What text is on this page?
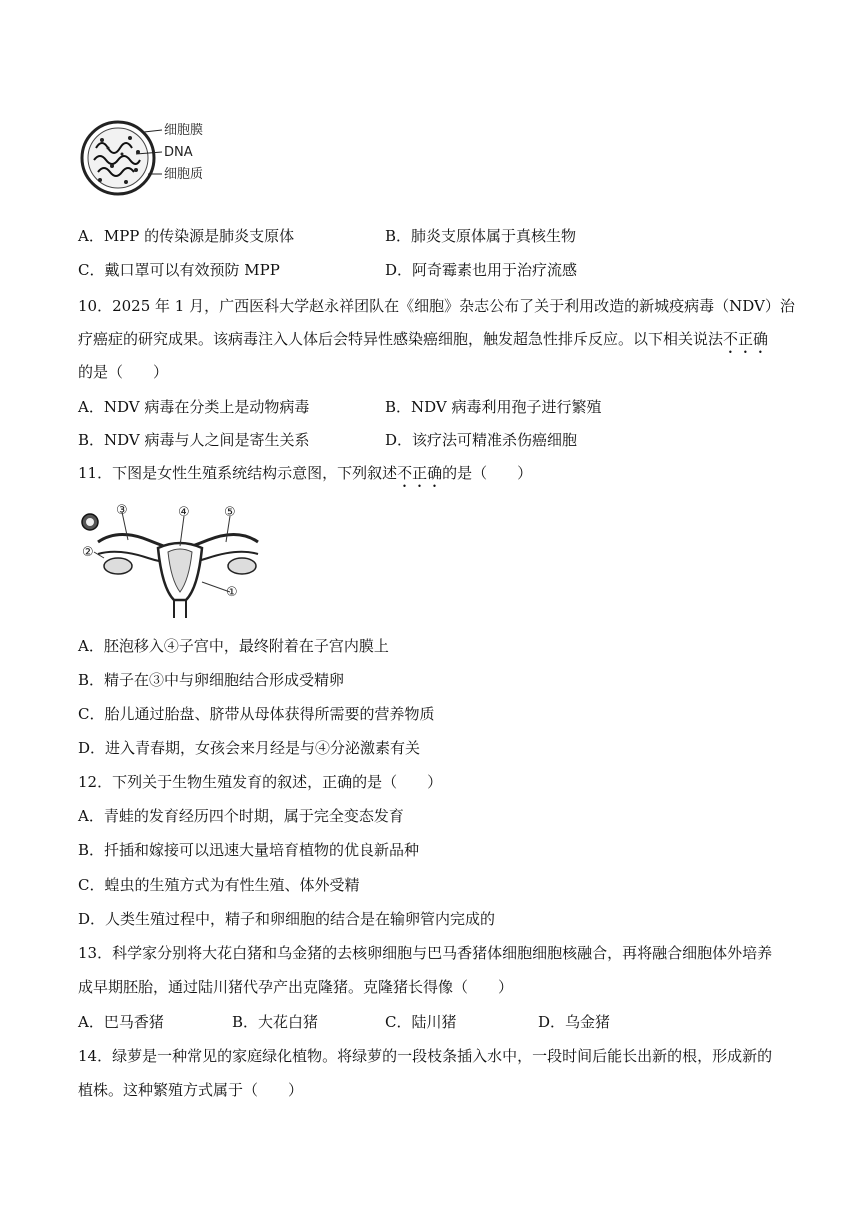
细胞膜
DNA
细胞质
A．MPP 的传染源是肺炎支原体	B．肺炎支原体属于真核生物
C．戴口罩可以有效预防 MPP	D．阿奇霉素也用于治疗流感
10．2025 年 1 月，广西医科大学赵永祥团队在《细胞》杂志公布了关于利用改造的新城疫病毒（NDV）治
疗癌症的研究成果。该病毒注入人体后会特异性感染癌细胞，触发超急性排斥反应。以下相关说法不正确
的是（　　）
A．NDV 病毒在分类上是动物病毒	B．NDV 病毒利用孢子进行繁殖
B．NDV 病毒与人之间是寄生关系	D．该疗法可精准杀伤癌细胞
11．下图是女性生殖系统结构示意图，下列叙述不正确的是（　　）
③	④	⑤
②
①
A．胚泡移入④子宫中，最终附着在子宫内膜上
B．精子在③中与卵细胞结合形成受精卵
C．胎儿通过胎盘、脐带从母体获得所需要的营养物质
D．进入青春期，女孩会来月经是与④分泌激素有关
12．下列关于生物生殖发育的叙述，正确的是（　　）
A．青蛙的发育经历四个时期，属于完全变态发育
B．扦插和嫁接可以迅速大量培育植物的优良新品种
C．蝗虫的生殖方式为有性生殖、体外受精
D．人类生殖过程中，精子和卵细胞的结合是在输卵管内完成的
13．科学家分别将大花白猪和乌金猪的去核卵细胞与巴马香猪体细胞细胞核融合，再将融合细胞体外培养
成早期胚胎，通过陆川猪代孕产出克隆猪。克隆猪长得像（　　）
A．巴马香猪	B．大花白猪	C．陆川猪	D．乌金猪
14．绿萝是一种常见的家庭绿化植物。将绿萝的一段枝条插入水中，一段时间后能长出新的根，形成新的
植株。这种繁殖方式属于（　　）
